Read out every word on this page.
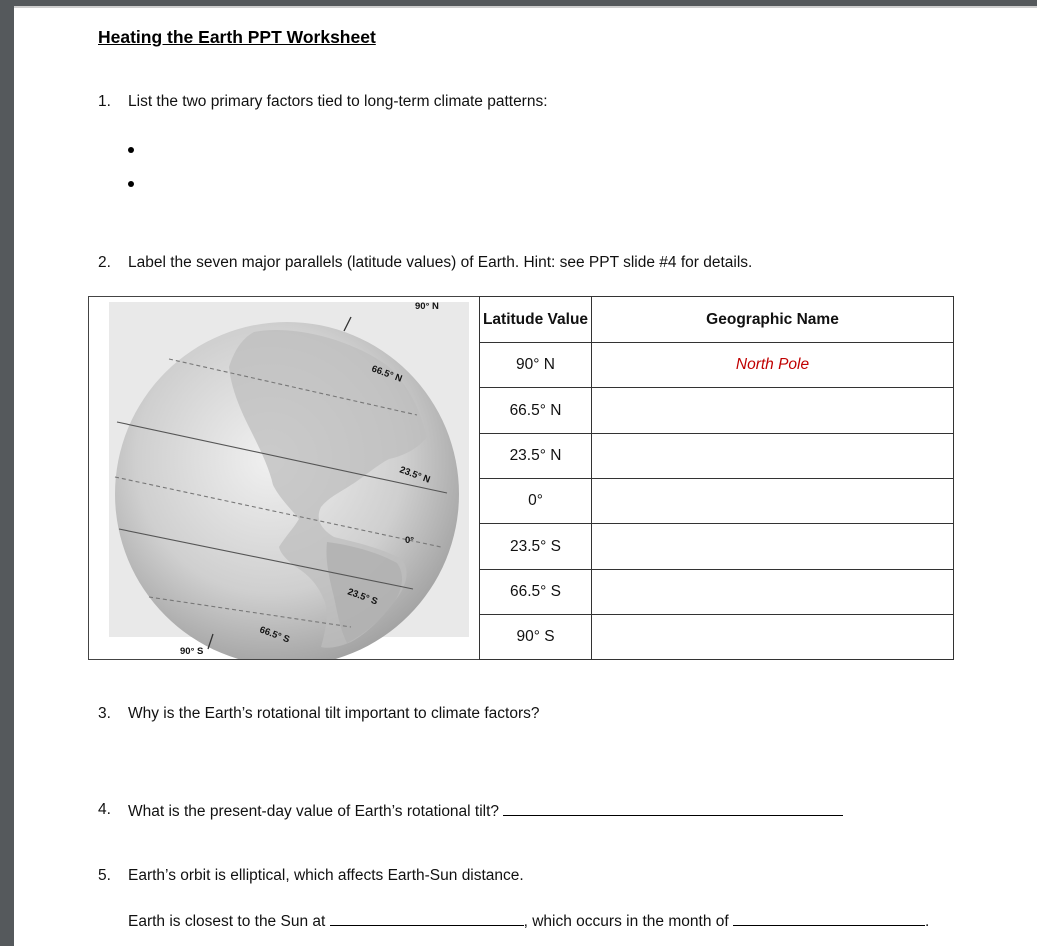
Heating the Earth PPT Worksheet
1.	List the two primary factors tied to long-term climate patterns:
2.	Label the seven major parallels (latitude values) of Earth. Hint: see PPT slide #4 for details.
90° N
66.5° N
23.5° N
0°
23.5° S
66.5° S
90° S
Latitude Value	Geographic Name
90° N	North Pole
66.5° N	
23.5° N	
0°	
23.5° S	
66.5° S	
90° S	
3.	Why is the Earth’s rotational tilt important to climate factors?
4.	What is the present-day value of Earth’s rotational tilt?
5.	Earth’s orbit is elliptical, which affects Earth-Sun distance.
Earth is closest to the Sun at	, which occurs in the month of	.
